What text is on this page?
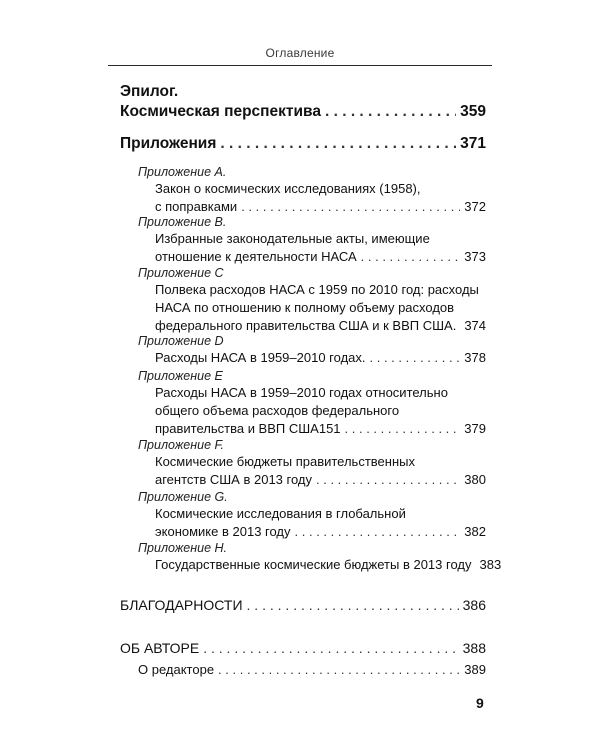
Оглавление
Эпилог.
Космическая перспектива . . .	359
Приложения . . .	371
Приложение A.
Закон о космических исследованиях (1958),
с поправками . . .	372
Приложение B.
Избранные законодательные акты, имеющие
отношение к деятельности НАСА . . .	373
Приложение C
Полвека расходов НАСА с 1959 по 2010 год: расходы
НАСА по отношению к полному объему расходов
федерального правительства США и к ВВП США. 374
Приложение D
Расходы НАСА в 1959–2010 годах. . . .	378
Приложение E
Расходы НАСА в 1959–2010 годах относительно
общего объема расходов федерального
правительства и ВВП США151 . . .	379
Приложение F.
Космические бюджеты правительственных
агентств США в 2013 году . . .	380
Приложение G.
Космические исследования в глобальной
экономике в 2013 году . . .	382
Приложение H.
Государственные космические бюджеты в 2013 году 383
БЛАГОДАРНОСТИ . . .	386
ОБ АВТОРЕ . . .	388
О редакторе . . .	389
9
